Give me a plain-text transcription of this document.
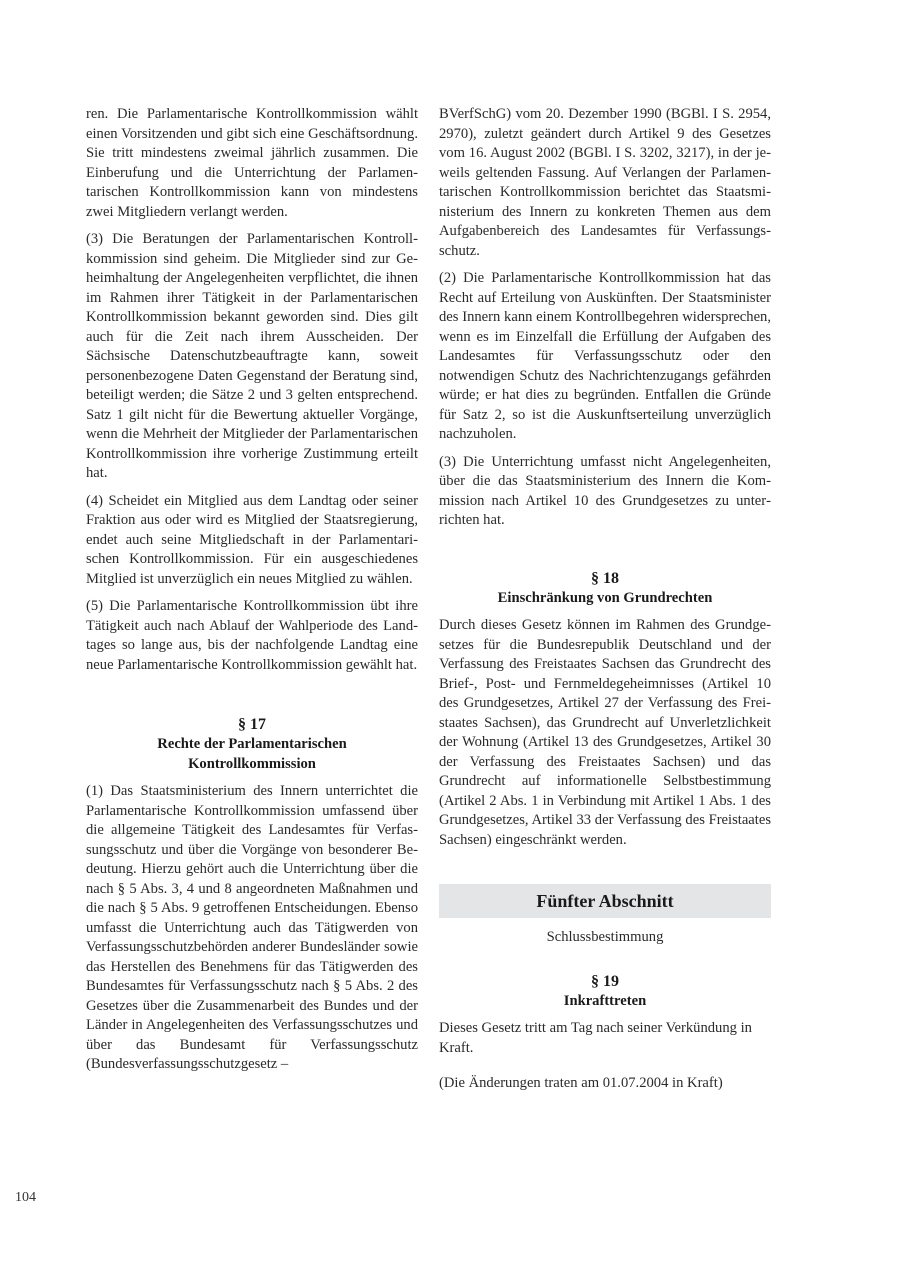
ren. Die Parlamentarische Kontrollkommission wählt einen Vorsitzenden und gibt sich eine Geschäftsordnung. Sie tritt mindestens zweimal jährlich zusammen. Die Einberufung und die Unterrichtung der Parlamentarischen Kontrollkommission kann von mindestens zwei Mitgliedern verlangt werden.

(3) Die Beratungen der Parlamentarischen Kontrollkommission sind geheim. Die Mitglieder sind zur Geheimhaltung der Angelegenheiten verpflichtet, die ihnen im Rahmen ihrer Tätigkeit in der Parlamentarischen Kontrollkommission bekannt geworden sind. Dies gilt auch für die Zeit nach ihrem Ausscheiden. Der Sächsische Datenschutzbeauftragte kann, soweit personenbezogene Daten Gegenstand der Beratung sind, beteiligt werden; die Sätze 2 und 3 gelten entsprechend. Satz 1 gilt nicht für die Bewertung aktueller Vorgänge, wenn die Mehrheit der Mitglieder der Parlamentarischen Kontrollkommission ihre vorherige Zustimmung erteilt hat.

(4) Scheidet ein Mitglied aus dem Landtag oder seiner Fraktion aus oder wird es Mitglied der Staatsregierung, endet auch seine Mitgliedschaft in der Parlamentarischen Kontrollkommission. Für ein ausgeschiedenes Mitglied ist unverzüglich ein neues Mitglied zu wählen.

(5) Die Parlamentarische Kontrollkommission übt ihre Tätigkeit auch nach Ablauf der Wahlperiode des Landtages so lange aus, bis der nachfolgende Landtag eine neue Parlamentarische Kontrollkommission gewählt hat.

§ 17
Rechte der Parlamentarischen
Kontrollkommission

(1) Das Staatsministerium des Innern unterrichtet die Parlamentarische Kontrollkommission umfassend über die allgemeine Tätigkeit des Landesamtes für Verfassungsschutz und über die Vorgänge von besonderer Bedeutung. Hierzu gehört auch die Unterrichtung über die nach § 5 Abs. 3, 4 und 8 angeordneten Maßnahmen und die nach § 5 Abs. 9 getroffenen Entscheidungen. Ebenso umfasst die Unterrichtung auch das Tätigwerden von Verfassungsschutzbehörden anderer Bundesländer sowie das Herstellen des Benehmens für das Tätigwerden des Bundesamtes für Verfassungsschutz nach § 5 Abs. 2 des Gesetzes über die Zusammenarbeit des Bundes und der Länder in Angelegenheiten des Verfassungsschutzes und über das Bundesamt für Verfassungsschutz (Bundesverfassungsschutzgesetz –

BVerfSchG) vom 20. Dezember 1990 (BGBl. I S. 2954, 2970), zuletzt geändert durch Artikel 9 des Gesetzes vom 16. August 2002 (BGBl. I S. 3202, 3217), in der jeweils geltenden Fassung. Auf Verlangen der Parlamentarischen Kontrollkommission berichtet das Staatsministerium des Innern zu konkreten Themen aus dem Aufgabenbereich des Landesamtes für Verfassungsschutz.

(2) Die Parlamentarische Kontrollkommission hat das Recht auf Erteilung von Auskünften. Der Staatsminister des Innern kann einem Kontrollbegehren widersprechen, wenn es im Einzelfall die Erfüllung der Aufgaben des Landesamtes für Verfassungsschutz oder den notwendigen Schutz des Nachrichtenzugangs gefährden würde; er hat dies zu begründen. Entfallen die Gründe für Satz 2, so ist die Auskunftserteilung unverzüglich nachzuholen.

(3) Die Unterrichtung umfasst nicht Angelegenheiten, über die das Staatsministerium des Innern die Kommission nach Artikel 10 des Grundgesetzes zu unterrichten hat.

§ 18
Einschränkung von Grundrechten

Durch dieses Gesetz können im Rahmen des Grundgesetzes für die Bundesrepublik Deutschland und der Verfassung des Freistaates Sachsen das Grundrecht des Brief-, Post- und Fernmeldegeheimnisses (Artikel 10 des Grundgesetzes, Artikel 27 der Verfassung des Freistaates Sachsen), das Grundrecht auf Unverletzlichkeit der Wohnung (Artikel 13 des Grundgesetzes, Artikel 30 der Verfassung des Freistaates Sachsen) und das Grundrecht auf informationelle Selbstbestimmung (Artikel 2 Abs. 1 in Verbindung mit Artikel 1 Abs. 1 des Grundgesetzes, Artikel 33 der Verfassung des Freistaates Sachsen) eingeschränkt werden.

Fünfter Abschnitt
Schlussbestimmung
§ 19
Inkrafttreten

Dieses Gesetz tritt am Tag nach seiner Verkündung in Kraft.

(Die Änderungen traten am 01.07.2004 in Kraft)

104
